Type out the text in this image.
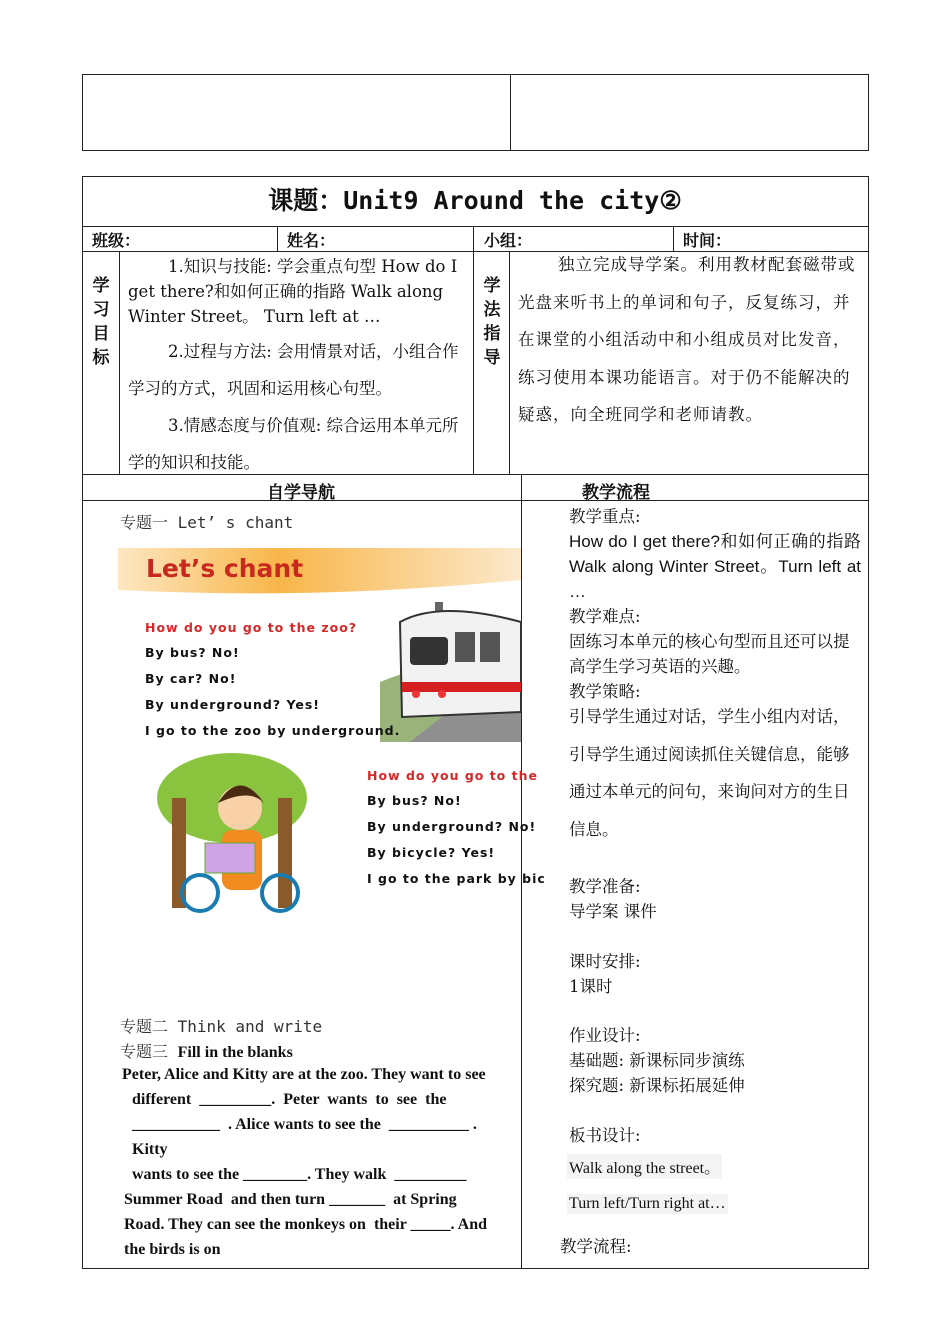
课题：Unit9 Around the city②
班级：	姓名：	小组：	时间：
学
习
目
标

1.知识与技能: 学会重点句型 How do I get there?和如何正确的指路 Walk along Winter Street。 Turn left at …

2.过程与方法: 会用情景对话，小组合作学习的方式，巩固和运用核心句型。

3.情感态度与价值观: 综合运用本单元所学的知识和技能。

学
法
指
导
独立完成导学案。利用教材配套磁带或光盘来听书上的单词和句子，反复练习，并在课堂的小组活动中和小组成员对比发音，练习使用本课功能语言。对于仍不能解决的疑惑，向全班同学和老师请教。
自学导航	教学流程
专题一 Let’ s chant
Let’s chant
How do you go to the zoo?
By bus? No!
By car? No!
By underground? Yes!
I go to the zoo by underground.
How do you go to the
By bus? No!
By underground? No!
By bicycle? Yes!
I go to the park by bic
专题二 Think and write
专题三 Fill in the blanks
Peter, Alice and Kitty are at the zoo. They want to see
different  _________.  Peter  wants  to  see  the
___________  . Alice wants to see the  __________ .
Kitty
wants to see the ________. They walk  _________
Summer Road  and then turn _______  at Spring
Road. They can see the monkeys on  their _____. And
the birds is on
教学重点:
How do I get there?和如何正确的指路 Walk along Winter Street。Turn left at …
教学难点:
固练习本单元的核心句型而且还可以提高学生学习英语的兴趣。
教学策略:
引导学生通过对话，学生小组内对话，引导学生通过阅读抓住关键信息，能够通过本单元的问句，来询问对方的生日信息。
教学准备:
导学案 课件
课时安排:
1课时
作业设计:
基础题: 新课标同步演练
探究题: 新课标拓展延伸
板书设计:
Walk along the street。
Turn left/Turn right at…
教学流程:
